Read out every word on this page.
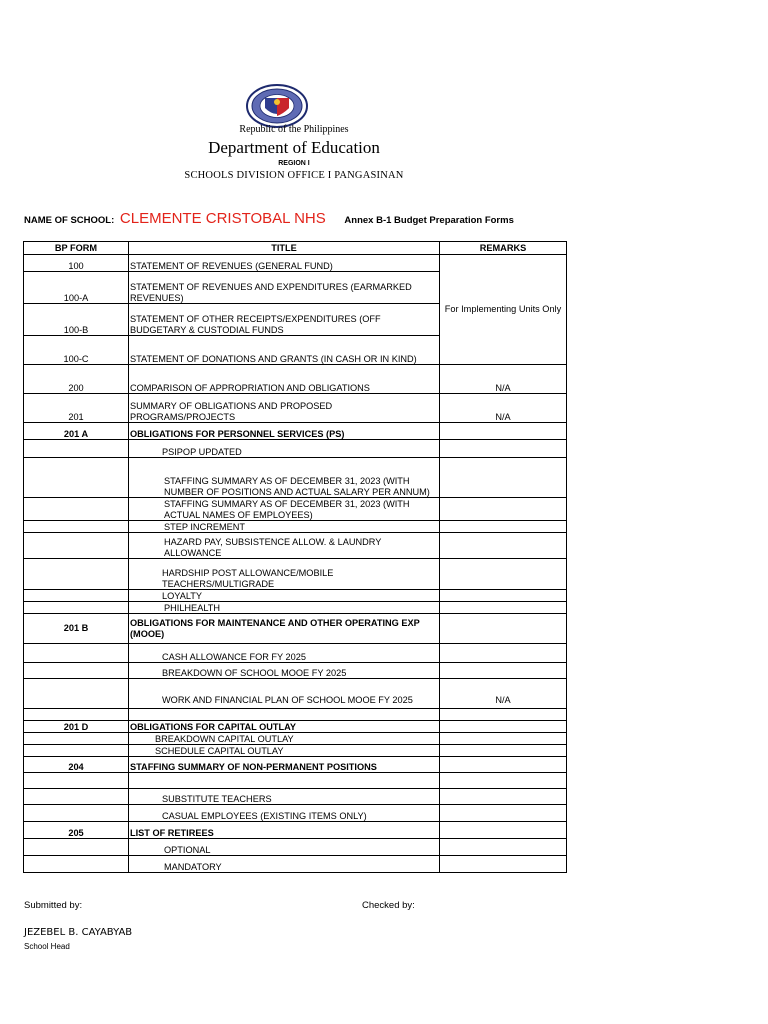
Republic of the Philippines
Department of Education
REGION I
SCHOOLS DIVISION OFFICE I PANGASINAN
NAME OF SCHOOL: CLEMENTE CRISTOBAL NHS Annex B-1 Budget Preparation Forms
BP FORM	TITLE	REMARKS
100	STATEMENT OF REVENUES (GENERAL FUND)	For Implementing Units Only
100-A	STATEMENT OF REVENUES AND EXPENDITURES (EARMARKED REVENUES)	
100-B	STATEMENT OF OTHER RECEIPTS/EXPENDITURES (OFF BUDGETARY & CUSTODIAL FUNDS	
100-C	STATEMENT OF DONATIONS AND GRANTS (IN CASH OR IN KIND)	
200	COMPARISON OF APPROPRIATION AND OBLIGATIONS	N/A
201	SUMMARY OF OBLIGATIONS AND PROPOSED PROGRAMS/PROJECTS	N/A
201 A	OBLIGATIONS FOR PERSONNEL SERVICES (PS)	
	PSIPOP UPDATED	
	STAFFING SUMMARY AS OF DECEMBER 31, 2023 (WITH NUMBER OF POSITIONS AND ACTUAL SALARY PER ANNUM)	
	STAFFING SUMMARY AS OF DECEMBER 31, 2023 (WITH ACTUAL NAMES OF EMPLOYEES)	
	STEP INCREMENT	
	HAZARD PAY, SUBSISTENCE ALLOW. & LAUNDRY ALLOWANCE	
	HARDSHIP POST ALLOWANCE/MOBILE TEACHERS/MULTIGRADE	
	LOYALTY	
	PHILHEALTH	
201 B	OBLIGATIONS FOR MAINTENANCE AND OTHER OPERATING EXP (MOOE)	
	CASH ALLOWANCE FOR FY 2025	
	BREAKDOWN OF SCHOOL MOOE FY 2025	
	WORK AND FINANCIAL PLAN OF SCHOOL MOOE FY 2025	N/A

201 D	OBLIGATIONS FOR CAPITAL OUTLAY	
	BREAKDOWN CAPITAL OUTLAY	
	SCHEDULE CAPITAL OUTLAY	
204	STAFFING SUMMARY OF NON-PERMANENT POSITIONS	

	SUBSTITUTE TEACHERS	
	CASUAL EMPLOYEES (EXISTING ITEMS ONLY)	
205	LIST OF RETIREES	
	OPTIONAL	
	MANDATORY	
Submitted by:	Checked by:
JEZEBEL B. CAYABYAB
School Head
